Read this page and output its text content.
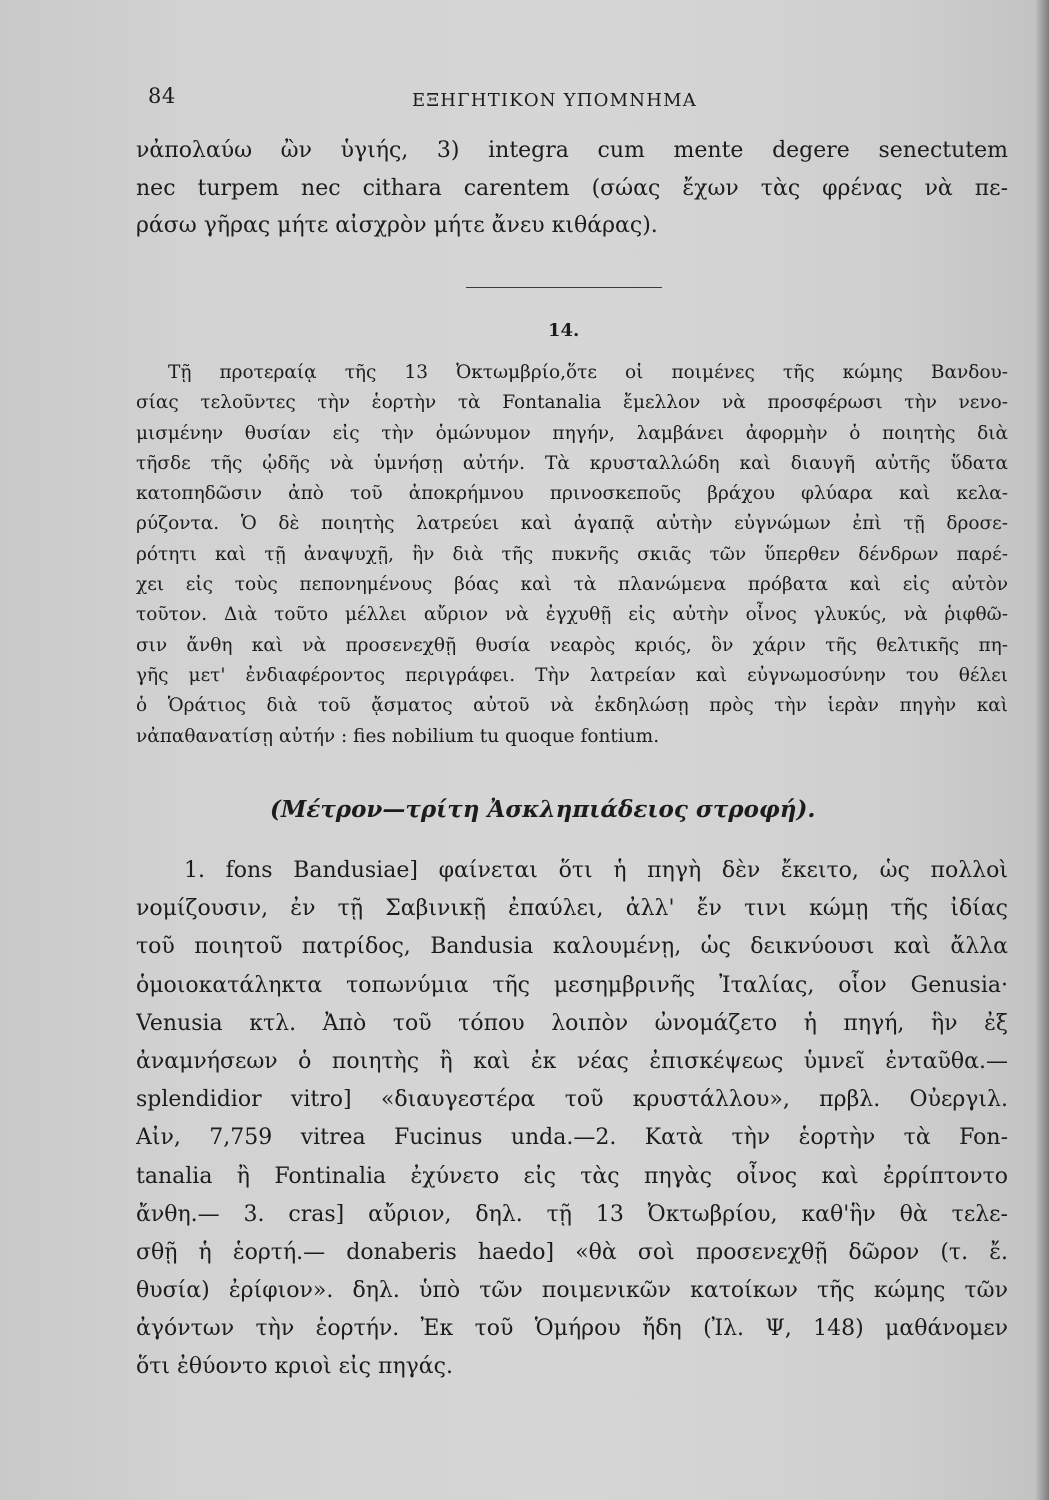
84	ΕΞΗΓΗΤΙΚΟΝ ΥΠΟΜΝΗΜΑ
νἀπολαύω ὢν ὑγιής, 3) integra cum mente degere senectutem
nec turpem nec cithara carentem (σώας ἔχων τὰς φρένας νὰ πε-
ράσω γῆρας μήτε αἰσχρὸν μήτε ἄνευ κιθάρας).
14.
Τῇ προτεραίᾳ τῆς 13 Ὀκτωμβρίο,ὅτε οἱ ποιμένες τῆς κώμης Βανδου-
σίας τελοῦντες τὴν ἑορτὴν τὰ Fontanalia ἔμελλον νὰ προσφέρωσι τὴν νενο-
μισμένην θυσίαν εἰς τὴν ὁμώνυμον πηγήν, λαμβάνει ἀφορμὴν ὁ ποιητὴς διὰ
τῆσδε τῆς ᾠδῆς νὰ ὑμνήσῃ αὐτήν. Τὰ κρυσταλλώδη καὶ διαυγῆ αὐτῆς ὕδατα
κατοπηδῶσιν ἀπὸ τοῦ ἀποκρήμνου πρινοσκεποῦς βράχου φλύαρα καὶ κελα-
ρύζοντα. Ὁ δὲ ποιητὴς λατρεύει καὶ ἀγαπᾷ αὐτὴν εὐγνώμων ἐπὶ τῇ δροσε-
ρότητι καὶ τῇ ἀναψυχῇ, ἣν διὰ τῆς πυκνῆς σκιᾶς τῶν ὕπερθεν δένδρων παρέ-
χει εἰς τοὺς πεπονημένους βόας καὶ τὰ πλανώμενα πρόβατα καὶ εἰς αὐτὸν
τοῦτον. Διὰ τοῦτο μέλλει αὔριον νὰ ἐγχυθῇ εἰς αὐτὴν οἶνος γλυκύς, νὰ ῥιφθῶ-
σιν ἄνθη καὶ νὰ προσενεχθῇ θυσία νεαρὸς κριός, ὃν χάριν τῆς θελτικῆς πη-
γῆς μετ' ἐνδιαφέροντος περιγράφει. Τὴν λατρείαν καὶ εὐγνωμοσύνην του θέλει
ὁ Ὁράτιος διὰ τοῦ ᾄσματος αὐτοῦ νὰ ἐκδηλώσῃ πρὸς τὴν ἱερὰν πηγὴν καὶ
νἀπαθανατίσῃ αὐτήν : fies nobilium tu quoque fontium.
(Μέτρον—τρίτη Ἀσκληπιάδειος στροφή).
1. fons Bandusiae] φαίνεται ὅτι ἡ πηγὴ δὲν ἔκειτο, ὡς πολλοὶ
νομίζουσιν, ἐν τῇ Σαβινικῇ ἐπαύλει, ἀλλ' ἔν τινι κώμῃ τῆς ἰδίας
τοῦ ποιητοῦ πατρίδος, Bandusia καλουμένῃ, ὡς δεικνύουσι καὶ ἄλλα
ὁμοιοκατάληκτα τοπωνύμια τῆς μεσημβρινῆς Ἰταλίας, οἷον Genusia·
Venusia κτλ. Ἀπὸ τοῦ τόπου λοιπὸν ὠνομάζετο ἡ πηγή, ἣν ἐξ
ἀναμνήσεων ὁ ποιητὴς ἢ καὶ ἐκ νέας ἐπισκέψεως ὑμνεῖ ἐνταῦθα.—
splendidior vitro] «διαυγεστέρα τοῦ κρυστάλλου», πρβλ. Οὐεργιλ.
Αἰν, 7,759 vitrea Fucinus unda.—2. Κατὰ τὴν ἑορτὴν τὰ Fon-
tanalia ἢ Fontinalia ἐχύνετο εἰς τὰς πηγὰς οἶνος καὶ ἐρρίπτοντο
ἄνθη.— 3. cras] αὔριον, δηλ. τῇ 13 Ὀκτωβρίου, καθ'ἣν θὰ τελε-
σθῇ ἡ ἑορτή.— donaberis haedo] «θὰ σοὶ προσενεχθῇ δῶρον (τ. ἔ.
θυσία) ἐρίφιον». δηλ. ὑπὸ τῶν ποιμενικῶν κατοίκων τῆς κώμης τῶν
ἀγόντων τὴν ἑορτήν. Ἐκ τοῦ Ὁμήρου ἤδη (Ἰλ. Ψ, 148) μαθάνομεν
ὅτι ἐθύοντο κριοὶ εἰς πηγάς.
